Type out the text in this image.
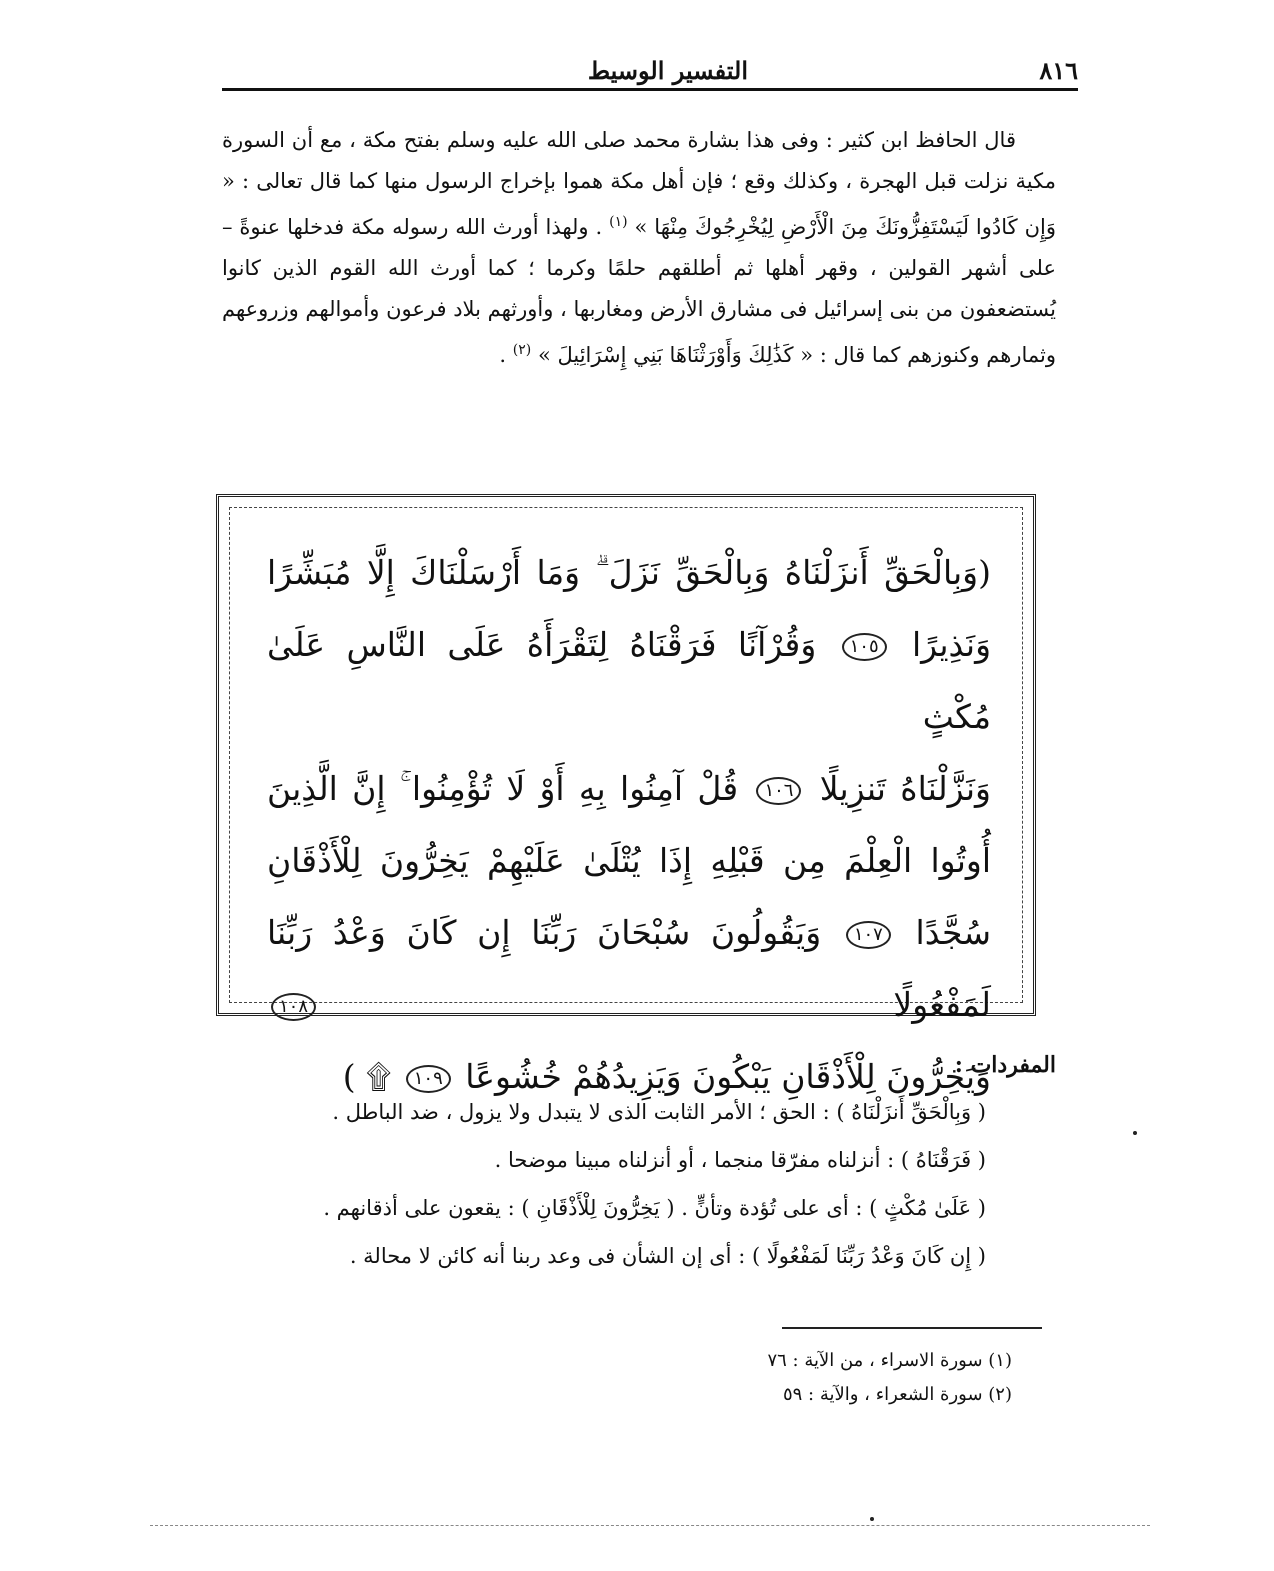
٨١٦
التفسير الوسيط

قال الحافظ ابن كثير : وفى هذا بشارة محمد صلى الله عليه وسلم بفتح مكة ، مع أن السورة مكية نزلت قبل الهجرة ، وكذلك وقع ؛ فإن أهل مكة هموا بإخراج الرسول منها كما قال تعالى : « وَإِن كَادُوا لَيَسْتَفِزُّونَكَ مِنَ الْأَرْضِ لِيُخْرِجُوكَ مِنْهَا » $^{(١)}$ . ولهذا أورث الله رسوله مكة فدخلها عنوةً – على أشهر القولين ، وقهر أهلها ثم أطلقهم حلمًا وكرما ؛ كما أورث الله القوم الذين كانوا يُستضعفون من بنى إسرائيل فى مشارق الأرض ومغاربها ، وأورثهم بلاد فرعون وأموالهم وزروعهم وثمارهم وكنوزهم كما قال : « كَذَٰلِكَ وَأَوْرَثْنَاهَا بَنِي إِسْرَائِيلَ » $^{(٢)}$ .

(وَبِالْحَقِّ أَنزَلْنَاهُ وَبِالْحَقِّ نَزَلَ ۗ وَمَا أَرْسَلْنَاكَ إِلَّا مُبَشِّرًا
وَنَذِيرًا ١٠٥ وَقُرْآنًا فَرَقْنَاهُ لِتَقْرَأَهُ عَلَى النَّاسِ عَلَىٰ مُكْثٍ
وَنَزَّلْنَاهُ تَنزِيلًا ١٠٦ قُلْ آمِنُوا بِهِ أَوْ لَا تُؤْمِنُوا ۚ إِنَّ الَّذِينَ
أُوتُوا الْعِلْمَ مِن قَبْلِهِ إِذَا يُتْلَىٰ عَلَيْهِمْ يَخِرُّونَ لِلْأَذْقَانِ
سُجَّدًا ١٠٧ وَيَقُولُونَ سُبْحَانَ رَبِّنَا إِن كَانَ وَعْدُ رَبِّنَا لَمَفْعُولًا ١٠٨
وَيَخِرُّونَ لِلْأَذْقَانِ يَبْكُونَ وَيَزِيدُهُمْ خُشُوعًا ١٠٩ ۩ )	المفردات :
( وَبِالْحَقِّ أَنزَلْنَاهُ ) : الحق ؛ الأمر الثابت الذى لا يتبدل ولا يزول ، ضد الباطل .
( فَرَقْنَاهُ ) : أنزلناه مفرّقا منجما ، أو أنزلناه مبينا موضحا .
( عَلَىٰ مُكْثٍ ) : أى على تُؤدة وتأنٍّ . ( يَخِرُّونَ لِلْأَذْقَانِ ) : يقعون على أذقانهم .
( إِن كَانَ وَعْدُ رَبِّنَا لَمَفْعُولًا ) : أى إن الشأن فى وعد ربنا أنه كائن لا محالة .
(١) سورة الاسراء ، من الآية : ٧٦
(٢) سورة الشعراء ، والآية : ٥٩
